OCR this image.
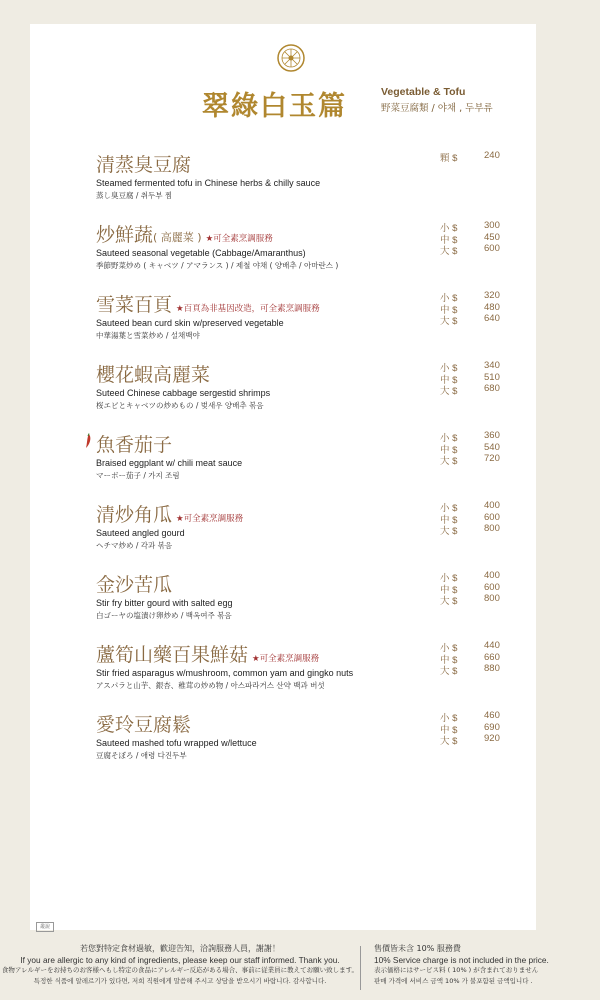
翠綠白玉篇	Vegetable & Tofu
野菜豆腐類 / 야채 , 두부류
清蒸臭豆腐
Steamed fermented tofu in Chinese herbs & chilly sauce
蒸し臭豆腐 / 취두부 찜
顆 $	240
炒鮮蔬( 高麗菜 ) ★可全素烹調服務
Sauteed seasonal vegetable (Cabbage/Amaranthus)
季節野菜炒め ( キャベツ / アマランス ) / 제철 야채 ( 양배추 / 아마란스 )
小 $	300
中 $	450
大 $	600
雪菜百頁 ★百頁為非基因改造，可全素烹調服務
Sauteed bean curd skin w/preserved vegetable
中華湯葉と雪菜炒め / 설채백야
小 $	320
中 $	480
大 $	640
櫻花蝦高麗菜
Suteed Chinese cabbage sergestid shrimps
桜エビとキャベツの炒めもの / 벚새우 양배추 볶음
小 $	340
中 $	510
大 $	680
魚香茄子
Braised eggplant w/ chili meat sauce
マーボー茄子 / 가지 조림
小 $	360
中 $	540
大 $	720
清炒角瓜 ★可全素烹調服務
Sauteed angled gourd
ヘチマ炒め / 각과 볶음
小 $	400
中 $	600
大 $	800
金沙苦瓜
Stir fry bitter gourd with salted egg
白ゴーヤの塩漬け卵炒め / 백옥여주 볶음
小 $	400
中 $	600
大 $	800
蘆筍山藥百果鮮菇 ★可全素烹調服務
Stir fried asparagus w/mushroom, common yam and gingko nuts
アスパラと山芋、銀杏、稚茸の炒め物 / 아스파라거스 산약 백과 버섯
小 $	440
中 $	660
大 $	880
愛玲豆腐鬆
Sauteed mashed tofu wrapped w/lettuce
豆腐そぼろ / 애령 다진두부
小 $	460
中 $	690
大 $	920
叢說
若您對特定食材過敏，歡迎告知，洽詢服務人員，謝謝！
If you are allergic to any kind of ingredients, please keep our staff informed. Thank you.
食物アレルギーをお持ちのお客様へもし特定の食品にアレルギー反応がある場合、事前に従業員に教えてお願い致します。
특정한 식품에 알레르기가 있다면, 저희 직원에게 말씀해 주시고 상담을 받으시기 바랍니다. 감사합니다.
售價皆未含 10% 服務費
10% Service charge is not included in the price.
表示価格にはサービス料 ( 10% ) が含まれておりません
판매 가격에 서비스 금액 10% 가 불포함된 금액입니다 .
